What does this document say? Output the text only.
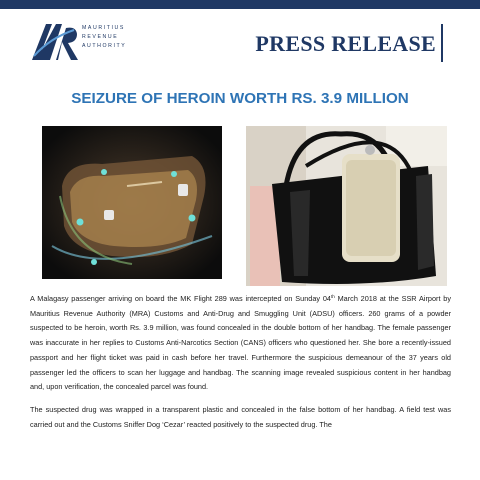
MAURITIUS
REVENUE
AUTHORITY	PRESS RELEASE
SEIZURE OF HEROIN WORTH RS. 3.9 MILLION

A Malagasy passenger arriving on board the MK Flight 289 was intercepted on Sunday 04th March 2018 at the SSR Airport by Mauritius Revenue Authority (MRA) Customs and Anti-Drug and Smuggling Unit (ADSU) officers. 260 grams of a powder suspected to be heroin, worth Rs. 3.9 million, was found concealed in the double bottom of her handbag. The female passenger was inaccurate in her replies to Customs Anti-Narcotics Section (CANS) officers who questioned her. She bore a recently-issued passport and her flight ticket was paid in cash before her travel. Furthermore the suspicious demeanour of the 37 years old passenger led the officers to scan her luggage and handbag. The scanning image revealed suspicious content in her handbag and, upon verification, the concealed parcel was found.

The suspected drug was wrapped in a transparent plastic and concealed in the false bottom of her handbag. A field test was carried out and the Customs Sniffer Dog ‘Cezar’ reacted positively to the suspected drug. The
